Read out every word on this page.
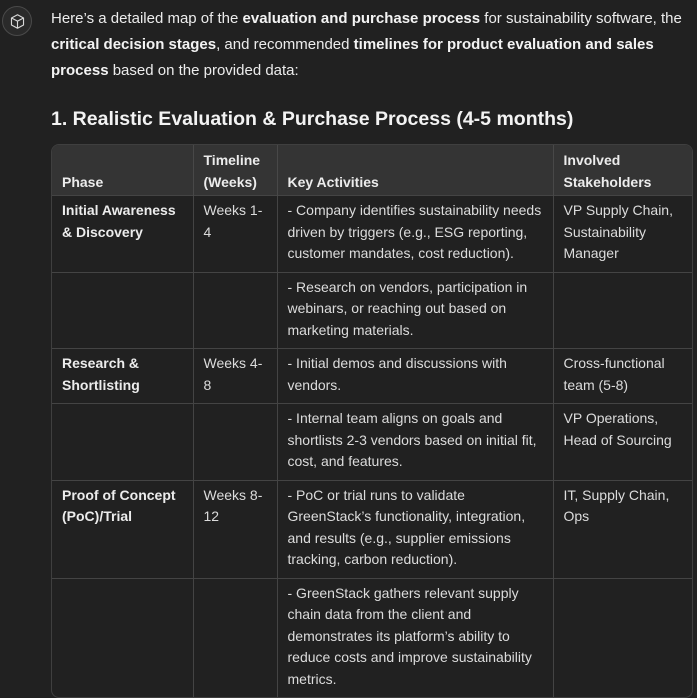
Here’s a detailed map of the evaluation and purchase process for sustainability software, the critical decision stages, and recommended timelines for product evaluation and sales process based on the provided data:

1. Realistic Evaluation & Purchase Process (4-5 months)
Phase	Timeline (Weeks)	Key Activities	Involved Stakeholders
Initial Awareness & Discovery	Weeks 1-4	- Company identifies sustainability needs driven by triggers (e.g., ESG reporting, customer mandates, cost reduction).	VP Supply Chain, Sustainability Manager
		- Research on vendors, participation in webinars, or reaching out based on marketing materials.	
Research & Shortlisting	Weeks 4-8	- Initial demos and discussions with vendors.	Cross-functional team (5-8)
		- Internal team aligns on goals and shortlists 2-3 vendors based on initial fit, cost, and features.	VP Operations, Head of Sourcing
Proof of Concept (PoC)/Trial	Weeks 8-12	- PoC or trial runs to validate GreenStack’s functionality, integration, and results (e.g., supplier emissions tracking, carbon reduction).	IT, Supply Chain, Ops
		- GreenStack gathers relevant supply chain data from the client and demonstrates its platform’s ability to reduce costs and improve sustainability metrics.	
